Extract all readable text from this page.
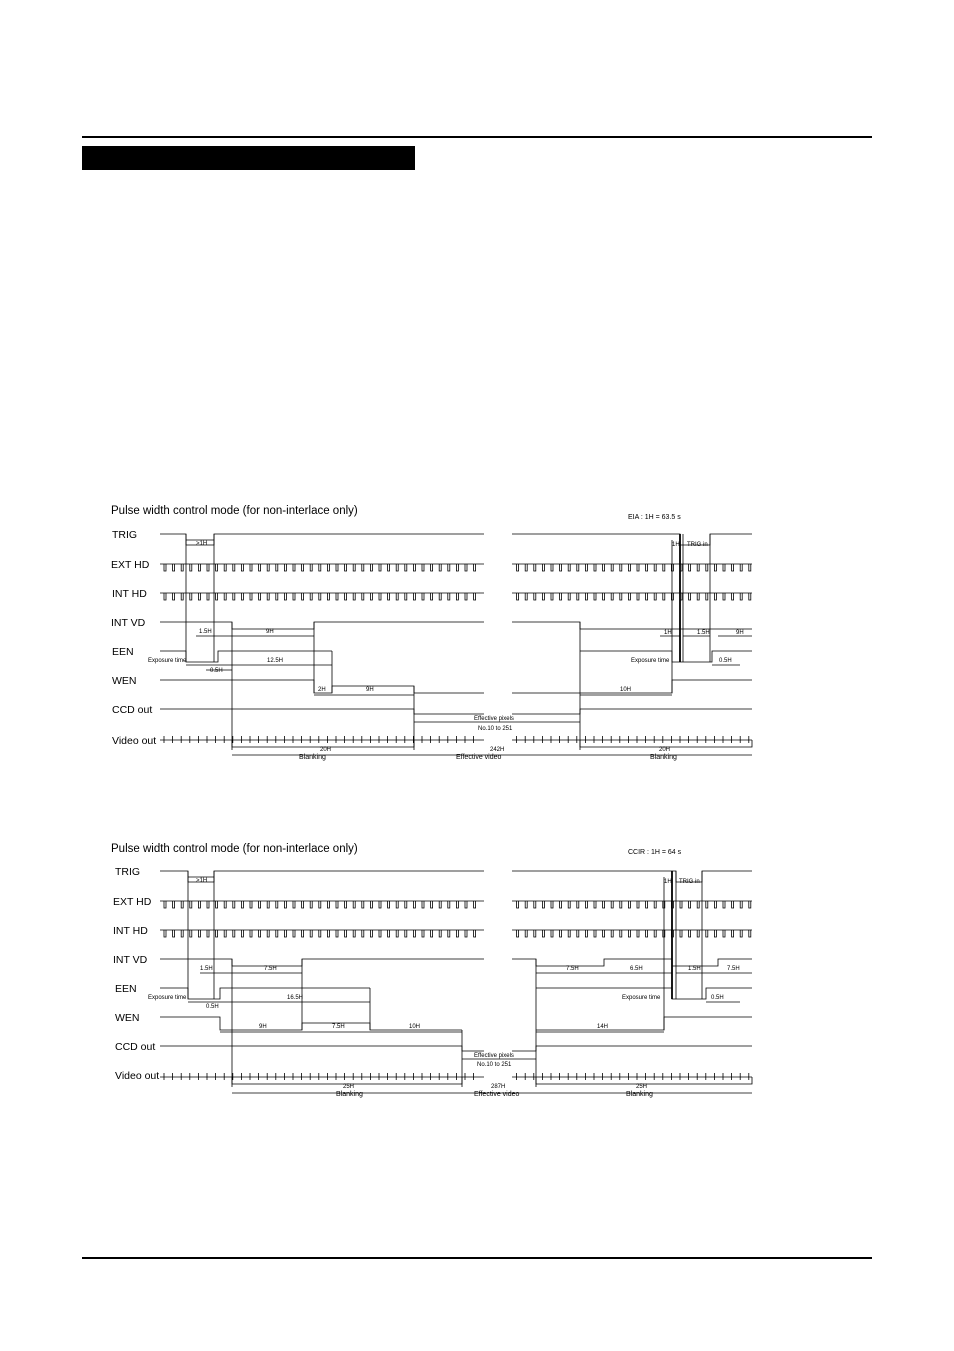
Pulse width control mode (for non-interlace only)
EIA : 1H = 63.5 s
TRIG
EXT HD
INT HD
INT VD
EEN
WEN
CCD out
Video out
>1H	1H TRIG in
1.5H	9H	1H	1.5H	9H
Exposure time	12.5H
0.5H
Exposure time	0.5H
2H	9H	10H
Effective pixels
No.10 to 251
20H
Blanking
242H
Effective video
20H
Blanking
Pulse width control mode (for non-interlace only)	CCIR : 1H = 64 s
TRIG
EXT HD
INT HD
INT VD
EEN
WEN
CCD out
Video out
>1H	1H TRIG in
1.5H	7.5H	7.5H	6.5H	1.5H	7.5H
Exposure time	16.5H
0.5H
Exposure time	0.5H
9H	7.5H	10H	14H
Effective pixels
No.10 to 251
25H
Blanking
287H
Effective video
25H
Blanking
